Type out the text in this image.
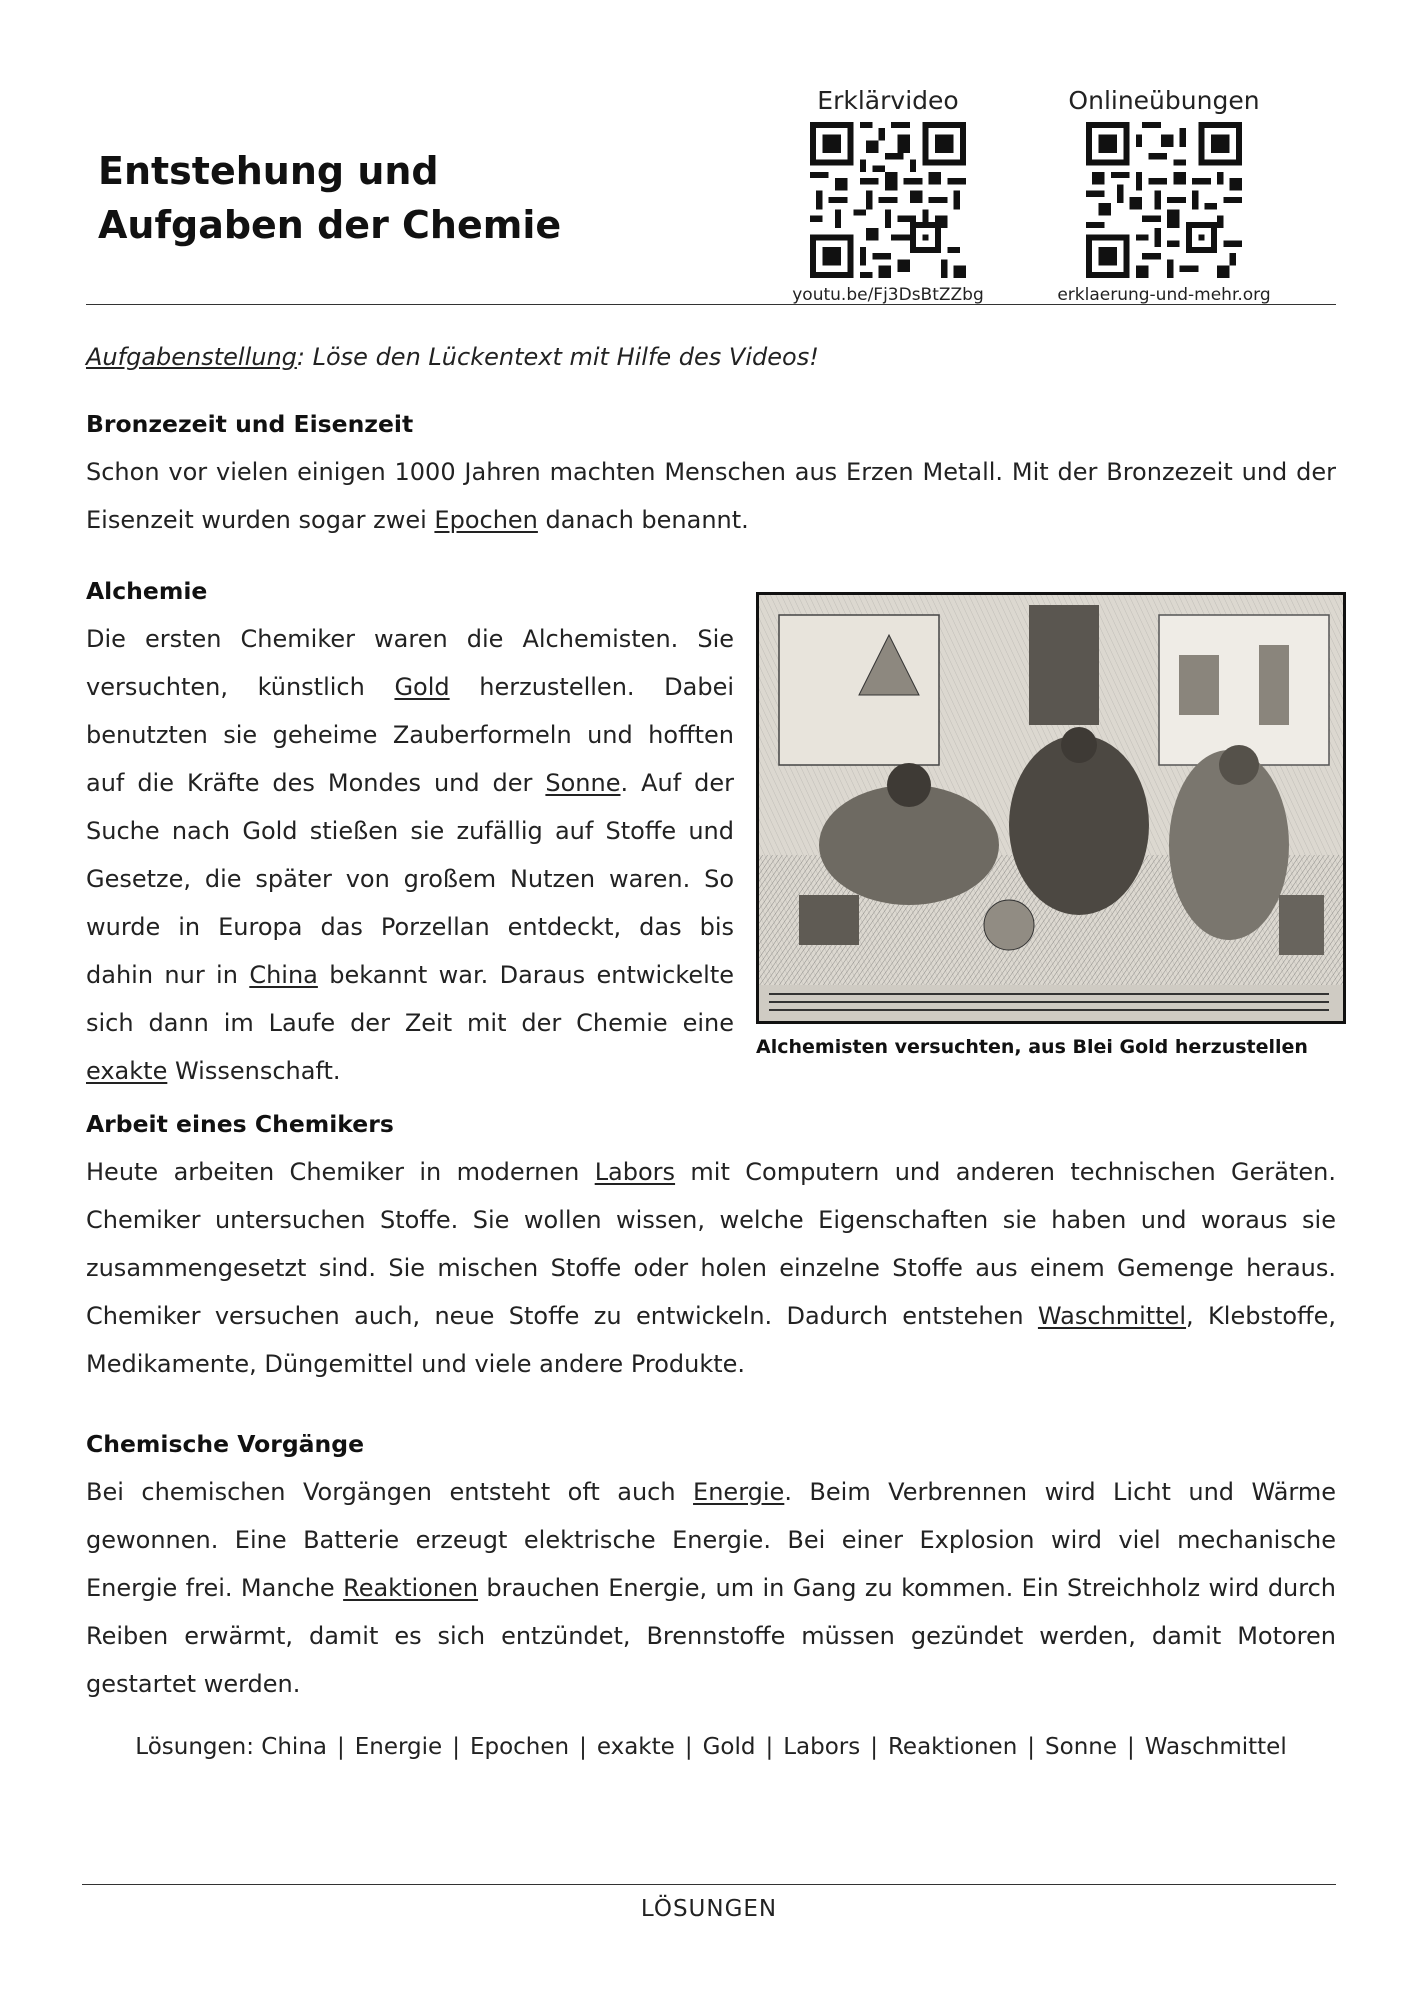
Entstehung und
Aufgaben der Chemie
Erklärvideo
youtu.be/Fj3DsBtZZbg
Onlineübungen
erklaerung-und-mehr.org
Aufgabenstellung: Löse den Lückentext mit Hilfe des Videos!
Bronzezeit und Eisenzeit

Schon vor vielen einigen 1000 Jahren machten Menschen aus Erzen Metall. Mit der Bronzezeit und der Eisenzeit wurden sogar zwei Epochen danach benannt.

Alchemie

Die ersten Chemiker waren die Alchemisten. Sie versuchten, künstlich Gold herzustellen. Dabei benutzten sie geheime Zauberformeln und hofften auf die Kräfte des Mondes und der Sonne. Auf der Suche nach Gold stießen sie zufällig auf Stoffe und Gesetze, die später von großem Nutzen waren. So wurde in Europa das Porzellan entdeckt, das bis dahin nur in China bekannt war. Daraus entwickelte sich dann im Laufe der Zeit mit der Chemie eine exakte Wissenschaft.

Alchemisten versuchten, aus Blei Gold herzustellen
Arbeit eines Chemikers

Heute arbeiten Chemiker in modernen Labors mit Computern und anderen technischen Geräten. Chemiker untersuchen Stoffe. Sie wollen wissen, welche Eigenschaften sie haben und woraus sie zusammengesetzt sind. Sie mischen Stoffe oder holen einzelne Stoffe aus einem Gemenge heraus. Chemiker versuchen auch, neue Stoffe zu entwickeln. Dadurch entstehen Waschmittel, Klebstoffe, Medikamente, Düngemittel und viele andere Produkte.

Chemische Vorgänge

Bei chemischen Vorgängen entsteht oft auch Energie. Beim Verbrennen wird Licht und Wärme gewonnen. Eine Batterie erzeugt elektrische Energie. Bei einer Explosion wird viel mechanische Energie frei. Manche Reaktionen brauchen Energie, um in Gang zu kommen. Ein Streichholz wird durch Reiben erwärmt, damit es sich entzündet, Brennstoffe müssen gezündet werden, damit Motoren gestartet werden.

Lösungen: China | Energie | Epochen | exakte | Gold | Labors | Reaktionen | Sonne | Waschmittel
LÖSUNGEN
